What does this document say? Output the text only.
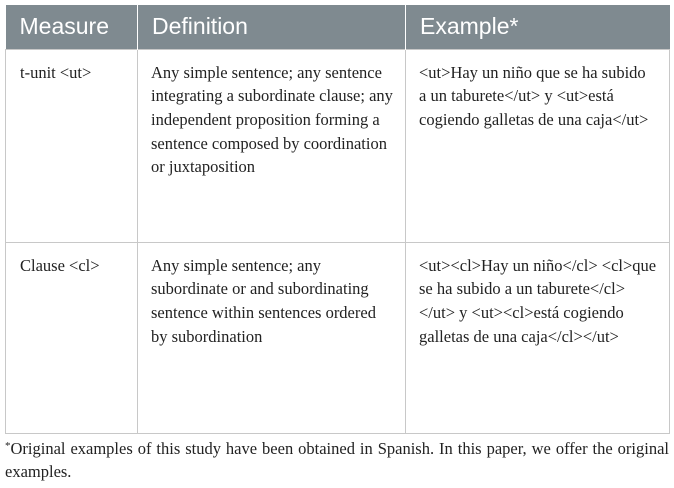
Measure	Definition	Example*
t-unit <ut>	Any simple sentence; any sentence integrating a subordinate clause; any independent proposition forming a sentence composed by coordination or juxtaposition	<ut>Hay un niño que se ha subido a un taburete</ut> y <ut>está cogiendo galletas de una caja</ut>
Clause <cl>	Any simple sentence; any subordinate or and subordinating sentence within sentences ordered by subordination	<ut><cl>Hay un niño</cl> <cl>que se ha subido a un taburete</cl></ut> y <ut><cl>está cogiendo galletas de una caja</cl></ut>
*Original examples of this study have been obtained in Spanish. In this paper, we offer the original examples.
